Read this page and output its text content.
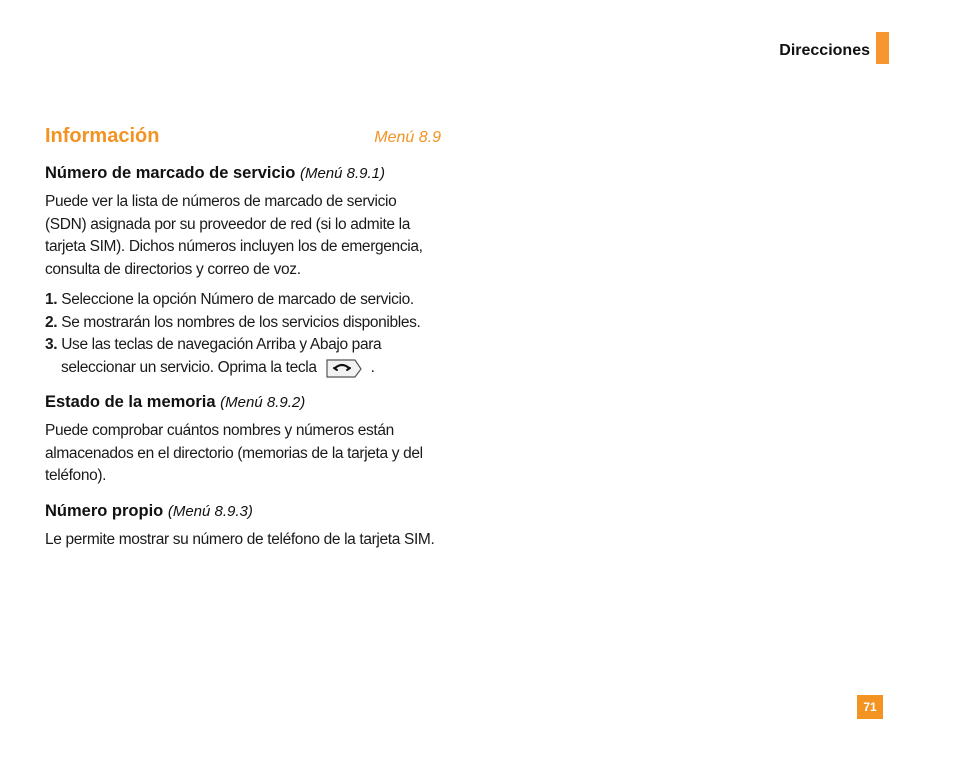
Direcciones
Información	Menú 8.9
Número de marcado de servicio (Menú 8.9.1)

Puede ver la lista de números de marcado de servicio (SDN) asignada por su proveedor de red (si lo admite la tarjeta SIM). Dichos números incluyen los de emergencia, consulta de directorios y correo de voz.

1. Seleccione la opción Número de marcado de servicio.
2. Se mostrarán los nombres de los servicios disponibles.
3. Use las teclas de navegación Arriba y Abajo para seleccionar un servicio. Oprima la tecla	.
Estado de la memoria (Menú 8.9.2)

Puede comprobar cuántos nombres y números están almacenados en el directorio (memorias de la tarjeta y del teléfono).

Número propio (Menú 8.9.3)

Le permite mostrar su número de teléfono de la tarjeta SIM.

71
